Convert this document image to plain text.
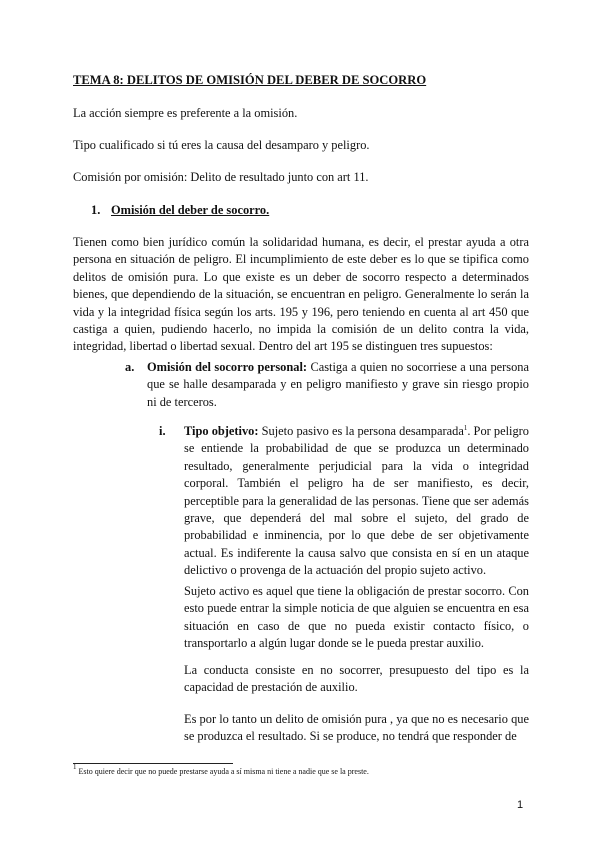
TEMA 8: DELITOS DE OMISIÓN DEL DEBER DE SOCORRO

La acción siempre es preferente a la omisión.

Tipo cualificado si tú eres la causa del desamparo y peligro.

Comisión por omisión: Delito de resultado junto con art 11.

1. Omisión del deber de socorro.

Tienen como bien jurídico común la solidaridad humana, es decir, el prestar ayuda a otra persona en situación de peligro. El incumplimiento de este deber es lo que se tipifica como delitos de omisión pura. Lo que existe es un deber de socorro respecto a determinados bienes, que dependiendo de la situación, se encuentran en peligro. Generalmente lo serán la vida y la integridad física según los arts. 195 y 196, pero teniendo en cuenta al art 450 que castiga a quien, pudiendo hacerlo, no impida la comisión de un delito contra la vida, integridad, libertad o libertad sexual. Dentro del art 195 se distinguen tres supuestos:

a. Omisión del socorro personal: Castiga a quien no socorriese a una persona que se halle desamparada y en peligro manifiesto y grave sin riesgo propio ni de terceros.

i. Tipo objetivo: Sujeto pasivo es la persona desamparada$^1$. Por peligro se entiende la probabilidad de que se produzca un determinado resultado, generalmente perjudicial para la vida o integridad corporal. También el peligro ha de ser manifiesto, es decir, perceptible para la generalidad de las personas. Tiene que ser además grave, que dependerá del mal sobre el sujeto, del grado de probabilidad e inminencia, por lo que debe de ser objetivamente actual. Es indiferente la causa salvo que consista en sí en un ataque delictivo o provenga de la actuación del propio sujeto activo.

Sujeto activo es aquel que tiene la obligación de prestar socorro. Con esto puede entrar la simple noticia de que alguien se encuentra en esa situación en caso de que no pueda existir contacto físico, o transportarlo a algún lugar donde se le pueda prestar auxilio.

La conducta consiste en no socorrer, presupuesto del tipo es la capacidad de prestación de auxilio.

Es por lo tanto un delito de omisión pura , ya que no es necesario que se produzca el resultado. Si se produce, no tendrá que responder de

$^1$ Esto quiere decir que no puede prestarse ayuda a sí misma ni tiene a nadie que se la preste.
1
